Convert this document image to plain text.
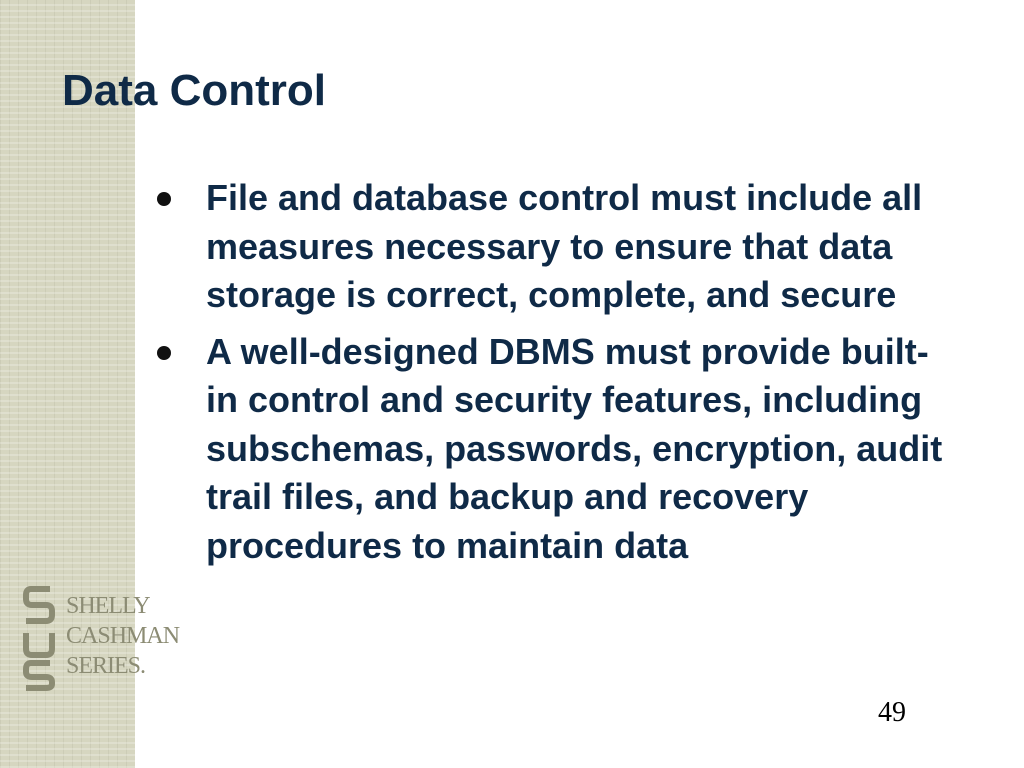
Data Control
File and database control must include all measures necessary to ensure that data storage is correct, complete, and secure
A well-designed DBMS must provide built-in control and security features, including subschemas, passwords, encryption, audit trail files, and backup and recovery procedures to maintain data
SHELLY
CASHMAN
SERIES.
49
